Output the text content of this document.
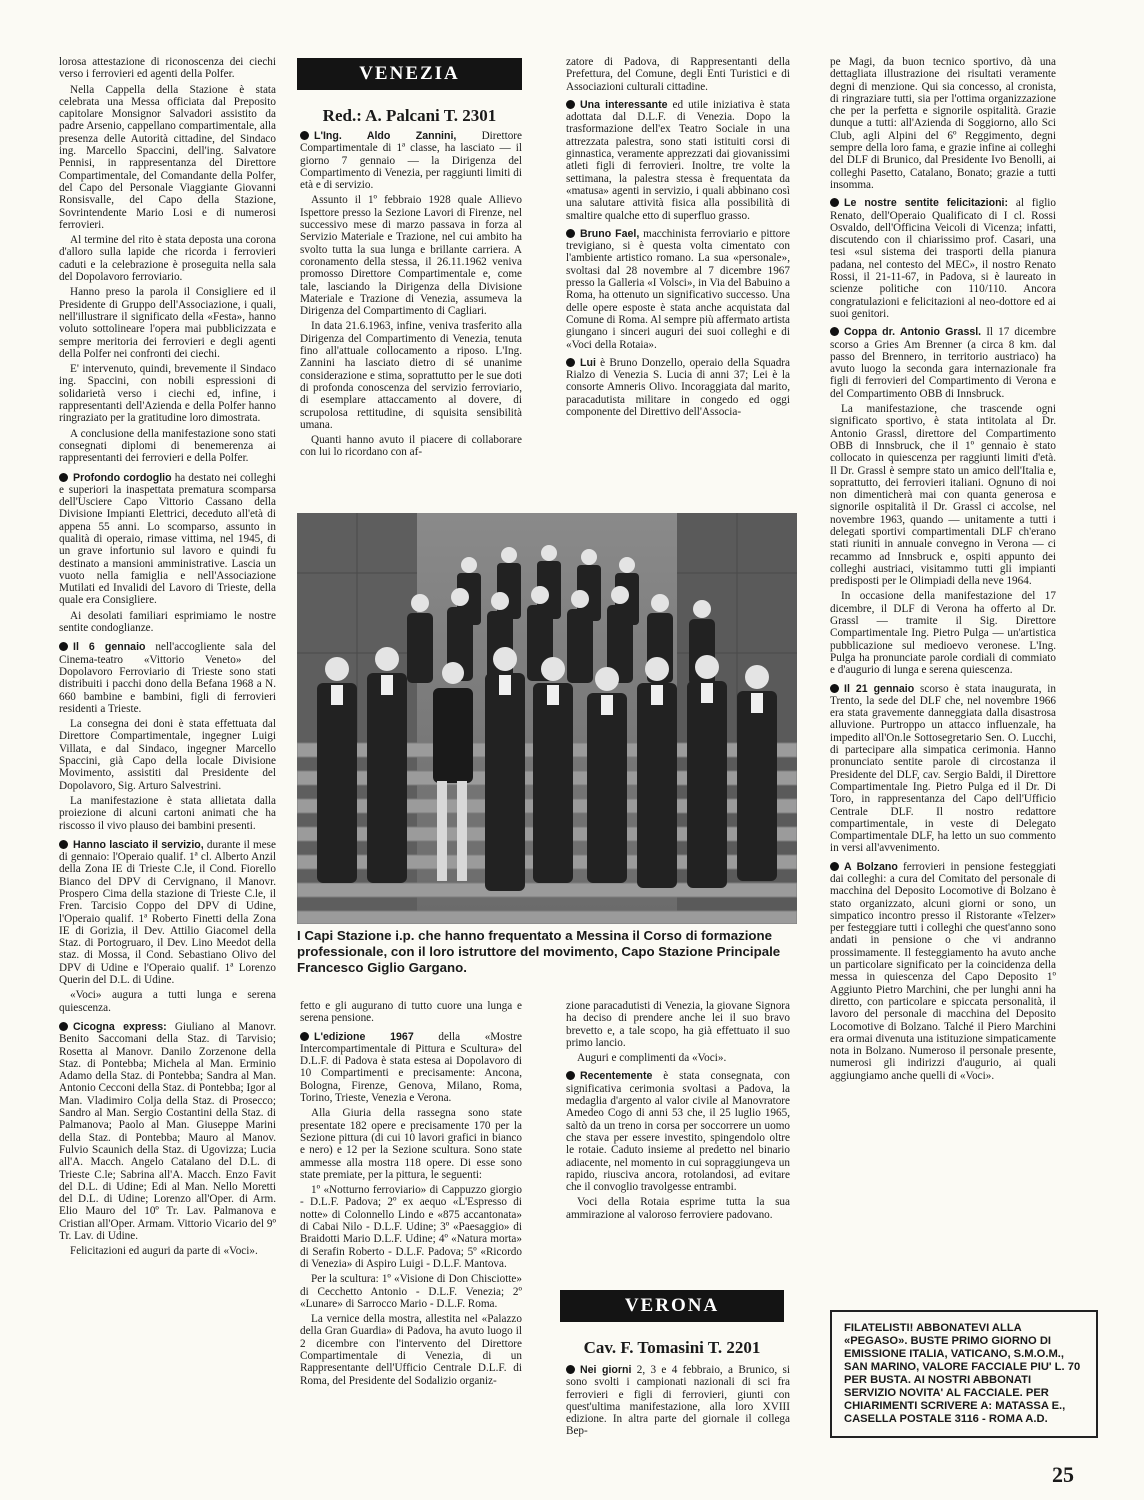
lorosa attestazione di riconoscenza dei ciechi verso i ferrovieri ed agenti della Polfer.

Nella Cappella della Stazione è stata celebrata una Messa officiata dal Preposito capitolare Monsignor Salvadori assistito da padre Arsenio, cappellano compartimentale, alla presenza delle Autorità cittadine, del Sindaco ing. Marcello Spaccini, dell'ing. Salvatore Pennisi, in rappresentanza del Direttore Compartimentale, del Comandante della Polfer, del Capo del Personale Viaggiante Giovanni Ronsisvalle, del Capo della Stazione, Sovrintendente Mario Losi e di numerosi ferrovieri.

Al termine del rito è stata deposta una corona d'alloro sulla lapide che ricorda i ferrovieri caduti e la celebrazione è proseguita nella sala del Dopolavoro ferroviario.

Hanno preso la parola il Consigliere ed il Presidente di Gruppo dell'Associazione, i quali, nell'illustrare il significato della «Festa», hanno voluto sottolineare l'opera mai pubblicizzata e sempre meritoria dei ferrovieri e degli agenti della Polfer nei confronti dei ciechi.

E' intervenuto, quindi, brevemente il Sindaco ing. Spaccini, con nobili espressioni di solidarietà verso i ciechi ed, infine, i rappresentanti dell'Azienda e della Polfer hanno ringraziato per la gratitudine loro dimostrata.

A conclusione della manifestazione sono stati consegnati diplomi di benemerenza ai rappresentanti dei ferrovieri e della Polfer.

Profondo cordoglio ha destato nei colleghi e superiori la inaspettata prematura scomparsa dell'Usciere Capo Vittorio Cassano della Divisione Impianti Elettrici, deceduto all'età di appena 55 anni. Lo scomparso, assunto in qualità di operaio, rimase vittima, nel 1945, di un grave infortunio sul lavoro e quindi fu destinato a mansioni amministrative. Lascia un vuoto nella famiglia e nell'Associazione Mutilati ed Invalidi del Lavoro di Trieste, della quale era Consigliere.

Ai desolati familiari esprimiamo le nostre sentite condoglianze.

Il 6 gennaio nell'accogliente sala del Cinema-teatro «Vittorio Veneto» del Dopolavoro Ferroviario di Trieste sono stati distribuiti i pacchi dono della Befana 1968 a N. 660 bambine e bambini, figli di ferrovieri residenti a Trieste.

La consegna dei doni è stata effettuata dal Direttore Compartimentale, ingegner Luigi Villata, e dal Sindaco, ingegner Marcello Spaccini, già Capo della locale Divisione Movimento, assistiti dal Presidente del Dopolavoro, Sig. Arturo Salvestrini.

La manifestazione è stata allietata dalla proiezione di alcuni cartoni animati che ha riscosso il vivo plauso dei bambini presenti.

Hanno lasciato il servizio, durante il mese di gennaio: l'Operaio qualif. 1ª cl. Alberto Anzil della Zona IE di Trieste C.le, il Cond. Fiorello Bianco del DPV di Cervignano, il Manovr. Prospero Cima della stazione di Trieste C.le, il Fren. Tarcisio Coppo del DPV di Udine, l'Operaio qualif. 1ª Roberto Finetti della Zona IE di Gorizia, il Dev. Attilio Giacomel della Staz. di Portogruaro, il Dev. Lino Meedot della staz. di Mossa, il Cond. Sebastiano Olivo del DPV di Udine e l'Operaio qualif. 1ª Lorenzo Querin del D.L. di Udine.

«Voci» augura a tutti lunga e serena quiescenza.

Cicogna express: Giuliano al Manovr. Benito Saccomani della Staz. di Tarvisio; Rosetta al Manovr. Danilo Zorzenone della Staz. di Pontebba; Michela al Man. Erminio Adamo della Staz. di Pontebba; Sandra al Man. Antonio Cecconi della Staz. di Pontebba; Igor al Man. Vladimiro Colja della Staz. di Prosecco; Sandro al Man. Sergio Costantini della Staz. di Palmanova; Paolo al Man. Giuseppe Marini della Staz. di Pontebba; Mauro al Manov. Fulvio Scaunich della Staz. di Ugovizza; Lucia all'A. Macch. Angelo Catalano del D.L. di Trieste C.le; Sabrina all'A. Macch. Enzo Favit del D.L. di Udine; Edi al Man. Nello Moretti del D.L. di Udine; Lorenzo all'Oper. di Arm. Elio Mauro del 10º Tr. Lav. Palmanova e Cristian all'Oper. Armam. Vittorio Vicario del 9º Tr. Lav. di Udine.

Felicitazioni ed auguri da parte di «Voci».

VENEZIA
Red.: A. Palcani T. 2301

L'Ing. Aldo Zannini, Direttore Compartimentale di 1ª classe, ha lasciato — il giorno 7 gennaio — la Dirigenza del Compartimento di Venezia, per raggiunti limiti di età e di servizio.

Assunto il 1º febbraio 1928 quale Allievo Ispettore presso la Sezione Lavori di Firenze, nel successivo mese di marzo passava in forza al Servizio Materiale e Trazione, nel cui ambito ha svolto tutta la sua lunga e brillante carriera. A coronamento della stessa, il 26.11.1962 veniva promosso Direttore Compartimentale e, come tale, lasciando la Dirigenza della Divisione Materiale e Trazione di Venezia, assumeva la Dirigenza del Compartimento di Cagliari.

In data 21.6.1963, infine, veniva trasferito alla Dirigenza del Compartimento di Venezia, tenuta fino all'attuale collocamento a riposo. L'Ing. Zannini ha lasciato dietro di sé unanime considerazione e stima, soprattutto per le sue doti di profonda conoscenza del servizio ferroviario, di esemplare attaccamento al dovere, di scrupolosa rettitudine, di squisita sensibilità umana.

Quanti hanno avuto il piacere di collaborare con lui lo ricordano con af-

zatore di Padova, di Rappresentanti della Prefettura, del Comune, degli Enti Turistici e di Associazioni culturali cittadine.

Una interessante ed utile iniziativa è stata adottata dal D.L.F. di Venezia. Dopo la trasformazione dell'ex Teatro Sociale in una attrezzata palestra, sono stati istituiti corsi di ginnastica, veramente apprezzati dai giovanissimi atleti figli di ferrovieri. Inoltre, tre volte la settimana, la palestra stessa è frequentata da «matusa» agenti in servizio, i quali abbinano così una salutare attività fisica alla possibilità di smaltire qualche etto di superfluo grasso.

Bruno Fael, macchinista ferroviario e pittore trevigiano, si è questa volta cimentato con l'ambiente artistico romano. La sua «personale», svoltasi dal 28 novembre al 7 dicembre 1967 presso la Galleria «I Volsci», in Via del Babuino a Roma, ha ottenuto un significativo successo. Una delle opere esposte è stata anche acquistata dal Comune di Roma. Al sempre più affermato artista giungano i sinceri auguri dei suoi colleghi e di «Voci della Rotaia».

Lui è Bruno Donzello, operaio della Squadra Rialzo di Venezia S. Lucia di anni 37; Lei è la consorte Amneris Olivo. Incoraggiata dal marito, paracadutista militare in congedo ed oggi componente del Direttivo dell'Associa-

I Capi Stazione i.p. che hanno frequentato a Messina il Corso di formazione professionale, con il loro istruttore del movimento, Capo Stazione Principale Francesco Giglio Gargano.

fetto e gli augurano di tutto cuore una lunga e serena pensione.

L'edizione 1967 della «Mostre Intercompartimentale di Pittura e Scultura» del D.L.F. di Padova è stata estesa ai Dopolavoro di 10 Compartimenti e precisamente: Ancona, Bologna, Firenze, Genova, Milano, Roma, Torino, Trieste, Venezia e Verona.

Alla Giuria della rassegna sono state presentate 182 opere e precisamente 170 per la Sezione pittura (di cui 10 lavori grafici in bianco e nero) e 12 per la Sezione scultura. Sono state ammesse alla mostra 118 opere. Di esse sono state premiate, per la pittura, le seguenti:

1º «Notturno ferroviario» di Cappuzzo giorgio - D.L.F. Padova; 2º ex aequo «L'Espresso di notte» di Colonnello Lindo e «875 accantonata» di Cabai Nilo - D.L.F. Udine; 3º «Paesaggio» di Braidotti Mario D.L.F. Udine; 4º «Natura morta» di Serafin Roberto - D.L.F. Padova; 5º «Ricordo di Venezia» di Aspiro Luigi - D.L.F. Mantova.

Per la scultura: 1º «Visione di Don Chisciotte» di Cecchetto Antonio - D.L.F. Venezia; 2º «Lunare» di Sarrocco Mario - D.L.F. Roma.

La vernice della mostra, allestita nel «Palazzo della Gran Guardia» di Padova, ha avuto luogo il 2 dicembre con l'intervento del Direttore Compartimentale di Venezia, di un Rappresentante dell'Ufficio Centrale D.L.F. di Roma, del Presidente del Sodalizio organiz-

zione paracadutisti di Venezia, la giovane Signora ha deciso di prendere anche lei il suo bravo brevetto e, a tale scopo, ha già effettuato il suo primo lancio.

Auguri e complimenti da «Voci».

Recentemente è stata consegnata, con significativa cerimonia svoltasi a Padova, la medaglia d'argento al valor civile al Manovratore Amedeo Cogo di anni 53 che, il 25 luglio 1965, saltò da un treno in corsa per soccorrere un uomo che stava per essere investito, spingendolo oltre le rotaie. Caduto insieme al predetto nel binario adiacente, nel momento in cui sopraggiungeva un rapido, riusciva ancora, rotolandosi, ad evitare che il convoglio travolgesse entrambi.

Voci della Rotaia esprime tutta la sua ammirazione al valoroso ferroviere padovano.

VERONA
Cav. F. Tomasini T. 2201

Nei giorni 2, 3 e 4 febbraio, a Brunico, si sono svolti i campionati nazionali di sci fra ferrovieri e figli di ferrovieri, giunti con quest'ultima manifestazione, alla loro XVIII edizione. In altra parte del giornale il collega Bep-

pe Magi, da buon tecnico sportivo, dà una dettagliata illustrazione dei risultati veramente degni di menzione. Qui sia concesso, al cronista, di ringraziare tutti, sia per l'ottima organizzazione che per la perfetta e signorile ospitalità. Grazie dunque a tutti: all'Azienda di Soggiorno, allo Sci Club, agli Alpini del 6º Reggimento, degni sempre della loro fama, e grazie infine ai colleghi del DLF di Brunico, dal Presidente Ivo Benolli, ai colleghi Pasetto, Catalano, Bonato; grazie a tutti insomma.

Le nostre sentite felicitazioni: al figlio Renato, dell'Operaio Qualificato di I cl. Rossi Osvaldo, dell'Officina Veicoli di Vicenza; infatti, discutendo con il chiarissimo prof. Casari, una tesi «sul sistema dei trasporti della pianura padana, nel contesto del MEC», il nostro Renato Rossi, il 21-11-67, in Padova, si è laureato in scienze politiche con 110/110. Ancora congratulazioni e felicitazioni al neo-dottore ed ai suoi genitori.

Coppa dr. Antonio Grassl. Il 17 dicembre scorso a Gries Am Brenner (a circa 8 km. dal passo del Brennero, in territorio austriaco) ha avuto luogo la seconda gara internazionale fra figli di ferrovieri del Compartimento di Verona e del Compartimento OBB di Innsbruck.

La manifestazione, che trascende ogni significato sportivo, è stata intitolata al Dr. Antonio Grassl, direttore del Compartimento OBB di Innsbruck, che il 1º gennaio è stato collocato in quiescenza per raggiunti limiti d'età. Il Dr. Grassl è sempre stato un amico dell'Italia e, soprattutto, dei ferrovieri italiani. Ognuno di noi non dimenticherà mai con quanta generosa e signorile ospitalità il Dr. Grassl ci accolse, nel novembre 1963, quando — unitamente a tutti i delegati sportivi compartimentali DLF ch'erano stati riuniti in annuale convegno in Verona — ci recammo ad Innsbruck e, ospiti appunto dei colleghi austriaci, visitammo tutti gli impianti predisposti per le Olimpiadi della neve 1964.

In occasione della manifestazione del 17 dicembre, il DLF di Verona ha offerto al Dr. Grassl — tramite il Sig. Direttore Compartimentale Ing. Pietro Pulga — un'artistica pubblicazione sul medioevo veronese. L'Ing. Pulga ha pronunciate parole cordiali di commiato e d'augurio di lunga e serena quiescenza.

Il 21 gennaio scorso è stata inaugurata, in Trento, la sede del DLF che, nel novembre 1966 era stata gravemente danneggiata dalla disastrosa alluvione. Purtroppo un attacco influenzale, ha impedito all'On.le Sottosegretario Sen. O. Lucchi, di partecipare alla simpatica cerimonia. Hanno pronunciato sentite parole di circostanza il Presidente del DLF, cav. Sergio Baldi, il Direttore Compartimentale Ing. Pietro Pulga ed il Dr. Di Toro, in rappresentanza del Capo dell'Ufficio Centrale DLF. Il nostro redattore compartimentale, in veste di Delegato Compartimentale DLF, ha letto un suo commento in versi all'avvenimento.

A Bolzano ferrovieri in pensione festeggiati dai colleghi: a cura del Comitato del personale di macchina del Deposito Locomotive di Bolzano è stato organizzato, alcuni giorni or sono, un simpatico incontro presso il Ristorante «Telzer» per festeggiare tutti i colleghi che quest'anno sono andati in pensione o che vi andranno prossimamente. Il festeggiamento ha avuto anche un particolare significato per la coincidenza della messa in quiescenza del Capo Deposito 1º Aggiunto Pietro Marchini, che per lunghi anni ha diretto, con particolare e spiccata personalità, il lavoro del personale di macchina del Deposito Locomotive di Bolzano. Talché il Piero Marchini era ormai divenuta una istituzione simpaticamente nota in Bolzano. Numeroso il personale presente, numerosi gli indirizzi d'augurio, ai quali aggiungiamo anche quelli di «Voci».

FILATELISTI! ABBONATEVI ALLA «PEGASO». BUSTE PRIMO GIORNO DI EMISSIONE ITALIA, VATICANO, S.M.O.M., SAN MARINO, VALORE FACCIALE PIU' L. 70 PER BUSTA. AI NOSTRI ABBONATI SERVIZIO NOVITA' AL FACCIALE. PER CHIARIMENTI SCRIVERE A: MATASSA E., CASELLA POSTALE 3116 - ROMA A.D.
25
